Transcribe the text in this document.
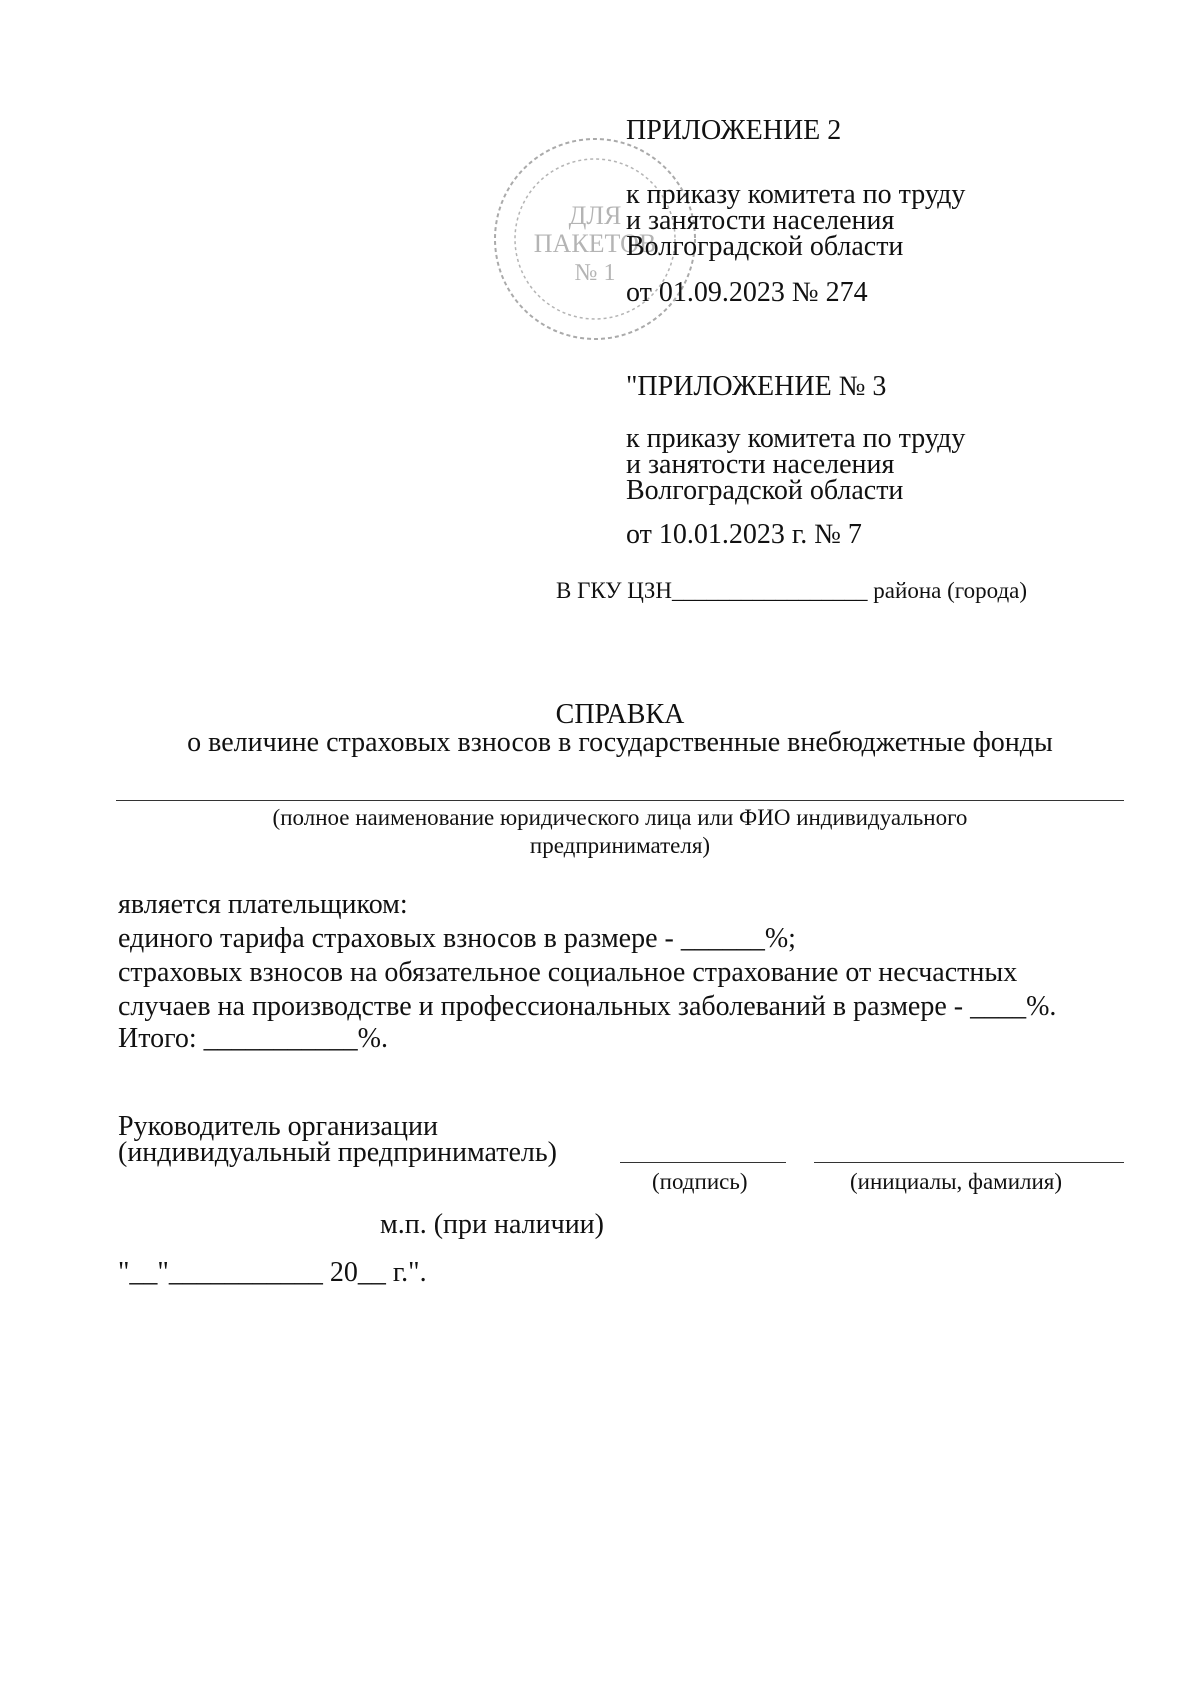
ДЛЯ
ПАКЕТОВ
№ 1
ПРИЛОЖЕНИЕ 2
к приказу комитета по труду
и занятости населения
Волгоградской области
от 01.09.2023 № 274
"ПРИЛОЖЕНИЕ № 3
к приказу комитета по труду
и занятости населения
Волгоградской области
от 10.01.2023 г. № 7
В ГКУ ЦЗН_________________ района (города)
СПРАВКА
о величине страховых взносов в государственные внебюджетные фонды
(полное наименование юридического лица или ФИО индивидуального
предпринимателя)
является плательщиком:
единого тарифа страховых взносов в размере - ______%;
страховых взносов на обязательное социальное страхование от несчастных
случаев на производстве и профессиональных заболеваний в размере - ____%.
Итого: ___________%.
Руководитель организации
(индивидуальный предприниматель)
(подпись)	(инициалы, фамилия)
м.п. (при наличии)
"__"___________ 20__ г.".
